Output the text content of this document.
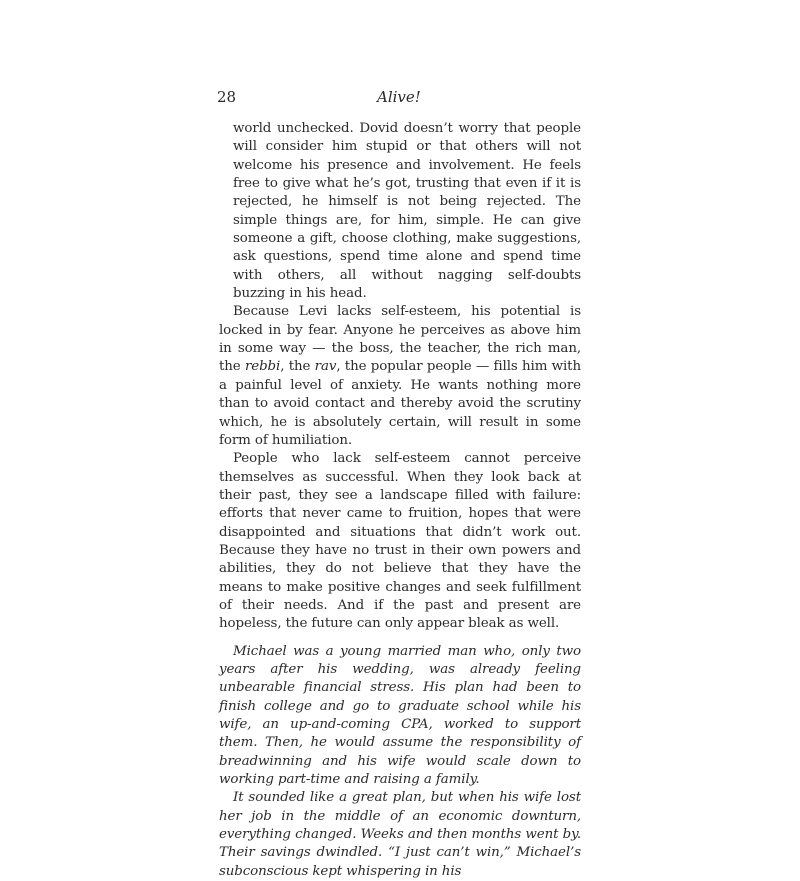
28	Alive!

world unchecked. Dovid doesn’t worry that people will consider him stupid or that others will not welcome his presence and involvement. He feels free to give what he’s got, trusting that even if it is rejected, he himself is not being rejected. The simple things are, for him, simple. He can give someone a gift, choose clothing, make suggestions, ask questions, spend time alone and spend time with others, all without nagging self-doubts buzzing in his head.

Because Levi lacks self-esteem, his potential is locked in by fear. Anyone he perceives as above him in some way — the boss, the teacher, the rich man, the rebbi, the rav, the popular people — fills him with a painful level of anxiety. He wants nothing more than to avoid contact and thereby avoid the scrutiny which, he is absolutely certain, will result in some form of humiliation.

People who lack self-esteem cannot perceive themselves as successful. When they look back at their past, they see a landscape filled with failure: efforts that never came to fruition, hopes that were disappointed and situations that didn’t work out. Because they have no trust in their own powers and abilities, they do not believe that they have the means to make positive changes and seek fulfillment of their needs. And if the past and present are hopeless, the future can only appear bleak as well.

Michael was a young married man who, only two years after his wedding, was already feeling unbearable financial stress. His plan had been to finish college and go to graduate school while his wife, an up-and-coming CPA, worked to support them. Then, he would assume the responsibility of breadwinning and his wife would scale down to working part-time and raising a family.

It sounded like a great plan, but when his wife lost her job in the middle of an economic downturn, everything changed. Weeks and then months went by. Their savings dwindled. “I just can’t win,” Michael’s subconscious kept whispering in his
